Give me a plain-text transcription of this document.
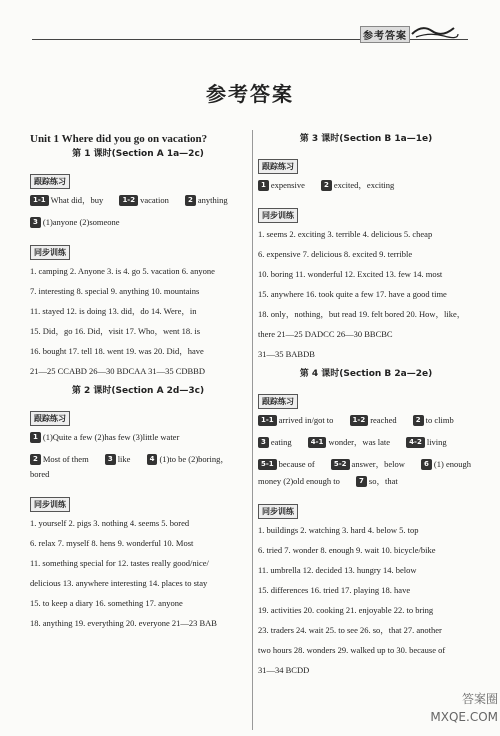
参考答案
参考答案
Unit 1 Where did you go on vacation?
第 1 课时(Section A 1a—2c)
跟踪练习
1-1 What did，buy	1-2 vacation	2 anything
3 (1)anyone (2)someone
同步训练
1. camping 2. Anyone 3. is 4. go 5. vacation 6. anyone
7. interesting 8. special 9. anything 10. mountains
11. stayed 12. is doing 13. did，do 14. Were，in
15. Did，go 16. Did，visit 17. Who，went 18. is
16. bought 17. tell 18. went 19. was 20. Did，have
21—25 CCABD 26—30 BDCAA 31—35 CDBBD
第 2 课时(Section A 2d—3c)
跟踪练习
1 (1)Quite a few (2)has few (3)little water
2 Most of them	3 like	4 (1)to be (2)boring，
bored
同步训练
1. yourself 2. pigs 3. nothing 4. seems 5. bored
6. relax 7. myself 8. hens 9. wonderful 10. Most
11. something special for 12. tastes really good/nice/
delicious 13. anywhere interesting 14. places to stay
15. to keep a diary 16. something 17. anyone
18. anything 19. everything 20. everyone 21—23 BAB
第 3 课时(Section B 1a—1e)
跟踪练习
1 expensive	2 excited，exciting
同步训练
1. seems 2. exciting 3. terrible 4. delicious 5. cheap
6. expensive 7. delicious 8. excited 9. terrible
10. boring 11. wonderful 12. Excited 13. few 14. most
15. anywhere 16. took quite a few 17. have a good time
18. only，nothing，but read 19. felt bored 20. How，like，
there 21—25 DADCC 26—30 BBCBC
31—35 BABDB
第 4 课时(Section B 2a—2e)
跟踪练习
1-1 arrived in/got to	1-2 reached	2 to climb
3 eating	4-1 wonder，was late	4-2 living
5-1 because of	5-2 answer，below	6 (1) enough
money (2)old enough to	7 so，that
同步训练
1. buildings 2. watching 3. hard 4. below 5. top
6. tried 7. wonder 8. enough 9. wait 10. bicycle/bike
11. umbrella 12. decided 13. hungry 14. below
15. differences 16. tried 17. playing 18. have
19. activities 20. cooking 21. enjoyable 22. to bring
23. traders 24. wait 25. to see 26. so，that 27. another
two hours 28. wonders 29. walked up to 30. because of
31—34 BCDD
答案圈 MXQE.COM
